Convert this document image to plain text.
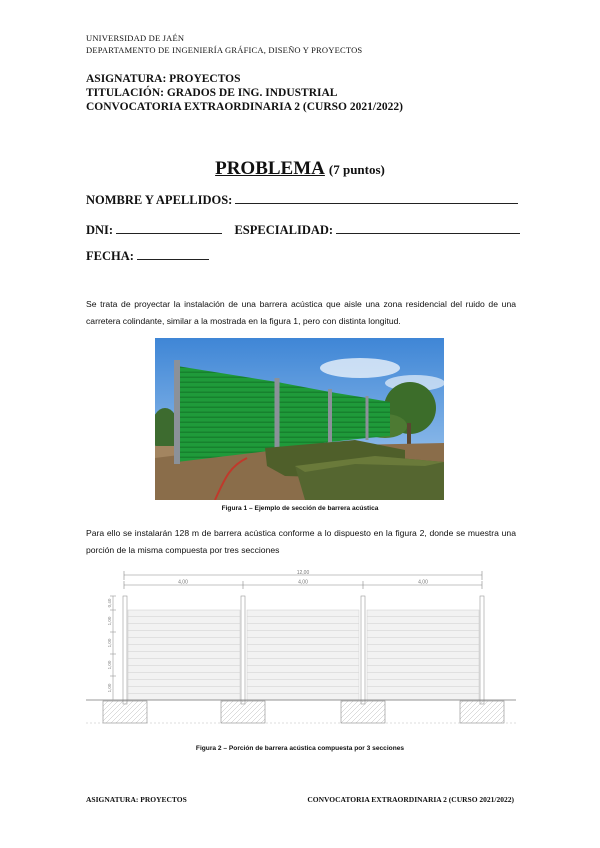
UNIVERSIDAD DE JAÉN
DEPARTAMENTO DE INGENIERÍA GRÁFICA, DISEÑO Y PROYECTOS
ASIGNATURA: PROYECTOS
TITULACIÓN: GRADOS DE ING. INDUSTRIAL
CONVOCATORIA EXTRAORDINARIA 2 (CURSO 2021/2022)
PROBLEMA (7 puntos)
NOMBRE Y APELLIDOS:
DNI:	ESPECIALIDAD:
FECHA:
Se trata de proyectar la instalación de una barrera acústica que aisle una zona residencial del ruido de una carretera colindante, similar a la mostrada en la figura 1, pero con distinta longitud.
Figura 1 – Ejemplo de sección de barrera acústica
Para ello se instalarán 128 m de barrera acústica conforme a lo dispuesto en la figura 2, donde se muestra una porción de la misma compuesta por tres secciones
12,00
4,00	4,00	4,00
0,40
1,00
1,00
1,00
1,00
Figura 2 – Porción de barrera acústica compuesta por 3 secciones
ASIGNATURA: PROYECTOS	CONVOCATORIA EXTRAORDINARIA 2 (CURSO 2021/2022)
